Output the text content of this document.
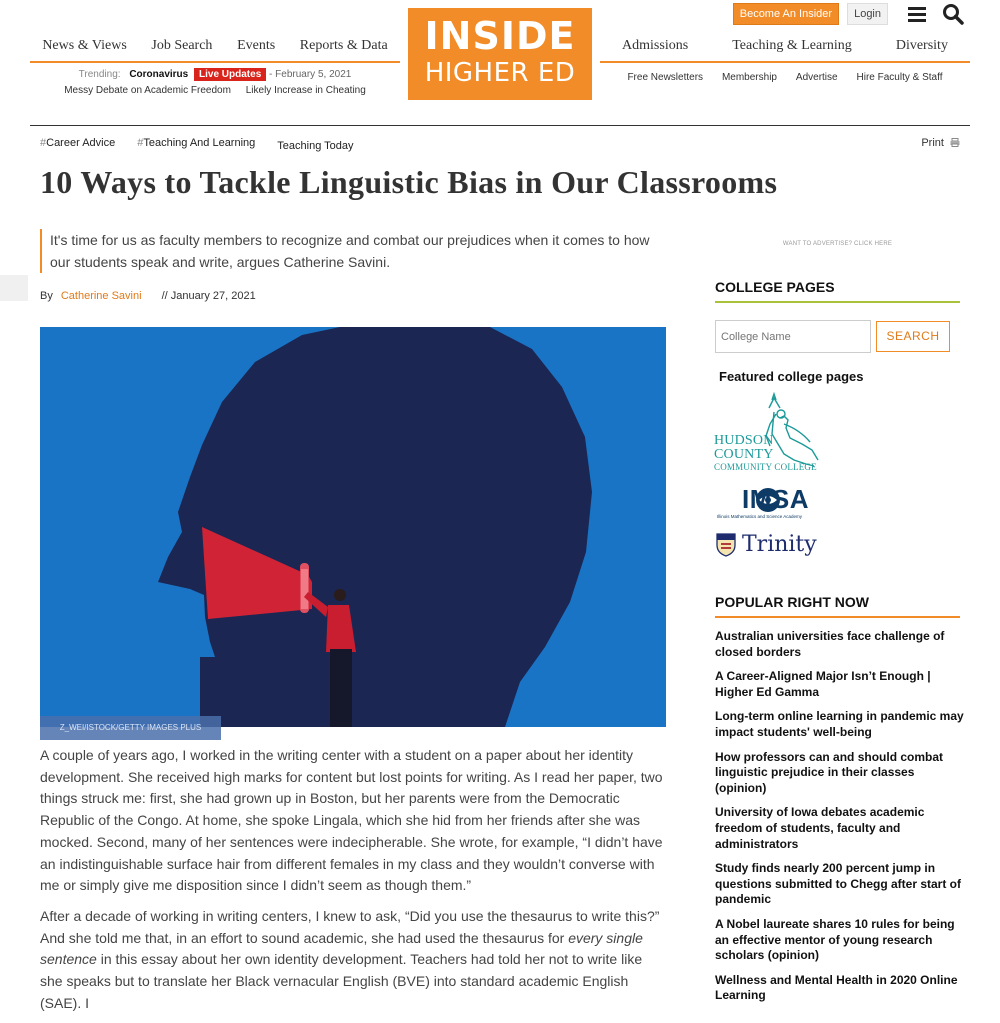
Become An Insider	Login
News & Views Job Search Events Reports & Data INSIDE
HIGHER ED
Admissions	Teaching & Learning	Diversity
Trending: Coronavirus Live Updates - February 5, 2021
Messy Debate on Academic Freedom Likely Increase in Cheating
Free Newsletters Membership Advertise Hire Faculty & Staff
#Career Advice #Teaching And Learning Teaching Today	Print
10 Ways to Tackle Linguistic Bias in Our Classrooms
It's time for us as faculty members to recognize and combat our prejudices when it comes to how our students speak and write, argues Catherine Savini.
By Catherine Savini // January 27, 2021
Z_WEI/ISTOCK/GETTY IMAGES PLUS

A couple of years ago, I worked in the writing center with a student on a paper about her identity development. She received high marks for content but lost points for writing. As I read her paper, two things struck me: first, she had grown up in Boston, but her parents were from the Democratic Republic of the Congo. At home, she spoke Lingala, which she hid from her friends after she was mocked. Second, many of her sentences were indecipherable. She wrote, for example, “I didn’t have an indistinguishable surface hair from different females in my class and they wouldn’t converse with me or simply give me disposition since I didn’t seem as though them.”

After a decade of working in writing centers, I knew to ask, “Did you use the thesaurus to write this?” And she told me that, in an effort to sound academic, she had used the thesaurus for every single sentence in this essay about her own identity development. Teachers had told her not to write like she speaks but to translate her Black vernacular English (BVE) into standard academic English (SAE). I

WANT TO ADVERTISE? CLICK HERE
COLLEGE PAGES
College Name
SEARCH
Featured college pages
HUDSON
COUNTY
COMMUNITY COLLEGE
IMSA
Illinois Mathematics and Science Academy
Trinity
POPULAR RIGHT NOW
Australian universities face challenge of closed borders
A Career-Aligned Major Isn’t Enough | Higher Ed Gamma
Long-term online learning in pandemic may impact students' well-being
How professors can and should combat linguistic prejudice in their classes (opinion)
University of Iowa debates academic freedom of students, faculty and administrators
Study finds nearly 200 percent jump in questions submitted to Chegg after start of pandemic
A Nobel laureate shares 10 rules for being an effective mentor of young research scholars (opinion)
Wellness and Mental Health in 2020 Online Learning
